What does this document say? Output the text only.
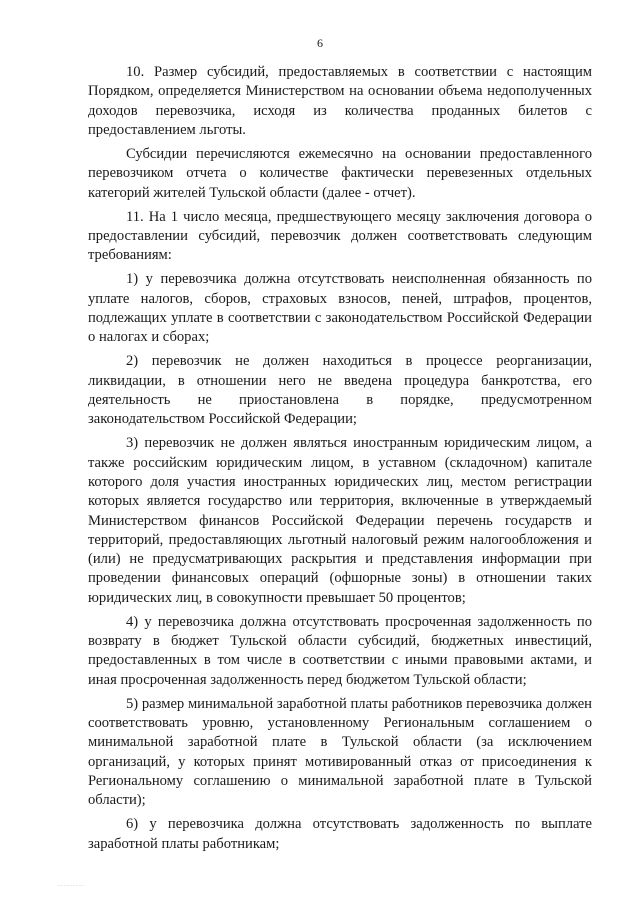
6

10. Размер субсидий, предоставляемых в соответствии с настоящим Порядком, определяется Министерством на основании объема недополученных доходов перевозчика, исходя из количества проданных билетов с предоставлением льготы.

Субсидии перечисляются ежемесячно на основании предоставленного перевозчиком отчета о количестве фактически перевезенных отдельных категорий жителей Тульской области (далее - отчет).

11. На 1 число месяца, предшествующего месяцу заключения договора о предоставлении субсидий, перевозчик должен соответствовать следующим требованиям:

1) у перевозчика должна отсутствовать неисполненная обязанность по уплате налогов, сборов, страховых взносов, пеней, штрафов, процентов, подлежащих уплате в соответствии с законодательством Российской Федерации о налогах и сборах;

2) перевозчик не должен находиться в процессе реорганизации, ликвидации, в отношении него не введена процедура банкротства, его деятельность не приостановлена в порядке, предусмотренном законодательством Российской Федерации;

3) перевозчик не должен являться иностранным юридическим лицом, а также российским юридическим лицом, в уставном (складочном) капитале которого доля участия иностранных юридических лиц, местом регистрации которых является государство или территория, включенные в утверждаемый Министерством финансов Российской Федерации перечень государств и территорий, предоставляющих льготный налоговый режим налогообложения и (или) не предусматривающих раскрытия и представления информации при проведении финансовых операций (офшорные зоны) в отношении таких юридических лиц, в совокупности превышает 50 процентов;

4) у перевозчика должна отсутствовать просроченная задолженность по возврату в бюджет Тульской области субсидий, бюджетных инвестиций, предоставленных в том числе в соответствии с иными правовыми актами, и иная просроченная задолженность перед бюджетом Тульской области;

5) размер минимальной заработной платы работников перевозчика должен соответствовать уровню, установленному Региональным соглашением о минимальной заработной плате в Тульской области (за исключением организаций, у которых принят мотивированный отказ от присоединения к Региональному соглашению о минимальной заработной плате в Тульской области);

6) у перевозчика должна отсутствовать задолженность по выплате заработной платы работникам;

·········
